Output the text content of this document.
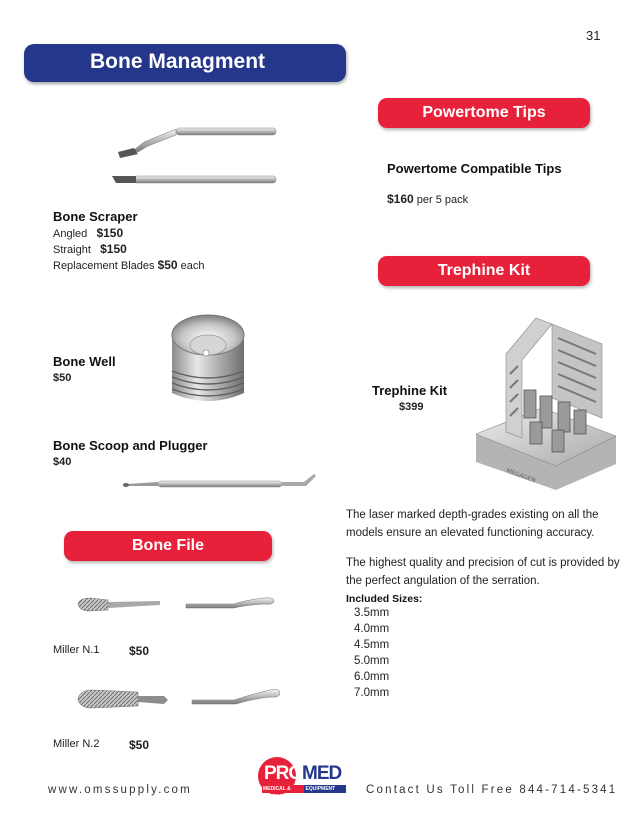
31
Bone Managment
Bone Scraper
Angled $150
Straight $150
Replacement Blades $50 each
Bone Well
$50
Bone Scoop and Plugger
$40
Bone File
Miller N.1 $50
Miller N.2 $50
Powertome Tips
Powertome Compatible Tips
$160 per 5 pack
Trephine Kit
Trephine Kit
$399
MEGAGEN
The laser marked depth-grades existing on all the models ensure an elevated functioning accuracy.
The highest quality and precision of cut is provided by the perfect angulation of the serration.
Included Sizes:
3.5mm
4.0mm
4.5mm
5.0mm
6.0mm
7.0mm
www.omssupply.com	Contact Us Toll Free 844-714-5341
PRO MED
MEDICAL & DENTAL
EQUIPMENT SALES
